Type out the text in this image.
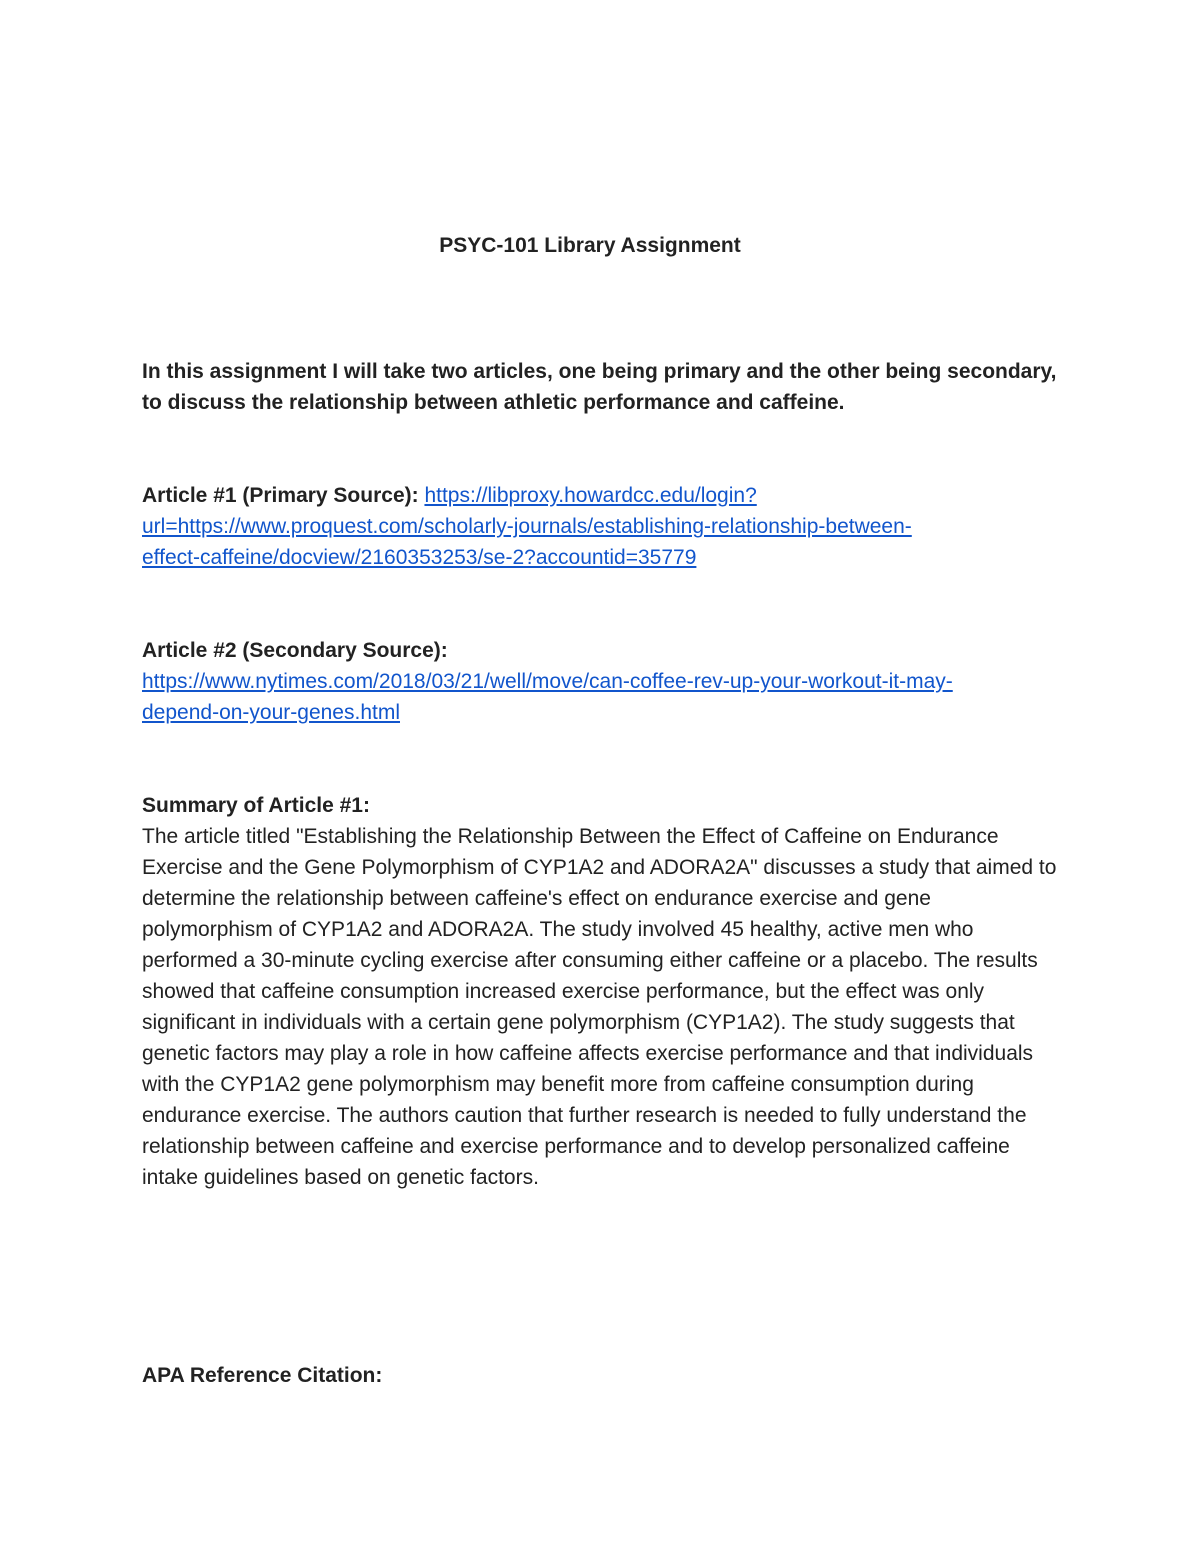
PSYC-101 Library Assignment
In this assignment I will take two articles, one being primary and the other being secondary, to discuss the relationship between athletic performance and caffeine.
Article #1 (Primary Source): https://libproxy.howardcc.edu/login?
url=https://www.proquest.com/scholarly-journals/establishing-relationship-between-
effect-caffeine/docview/2160353253/se-2?accountid=35779
Article #2 (Secondary Source):
https://www.nytimes.com/2018/03/21/well/move/can-coffee-rev-up-your-workout-it-may-
depend-on-your-genes.html
Summary of Article #1:
The article titled "Establishing the Relationship Between the Effect of Caffeine on Endurance Exercise and the Gene Polymorphism of CYP1A2 and ADORA2A" discusses a study that aimed to determine the relationship between caffeine's effect on endurance exercise and gene polymorphism of CYP1A2 and ADORA2A. The study involved 45 healthy, active men who performed a 30-minute cycling exercise after consuming either caffeine or a placebo. The results showed that caffeine consumption increased exercise performance, but the effect was only significant in individuals with a certain gene polymorphism (CYP1A2). The study suggests that genetic factors may play a role in how caffeine affects exercise performance and that individuals with the CYP1A2 gene polymorphism may benefit more from caffeine consumption during endurance exercise. The authors caution that further research is needed to fully understand the relationship between caffeine and exercise performance and to develop personalized caffeine intake guidelines based on genetic factors.
APA Reference Citation:
